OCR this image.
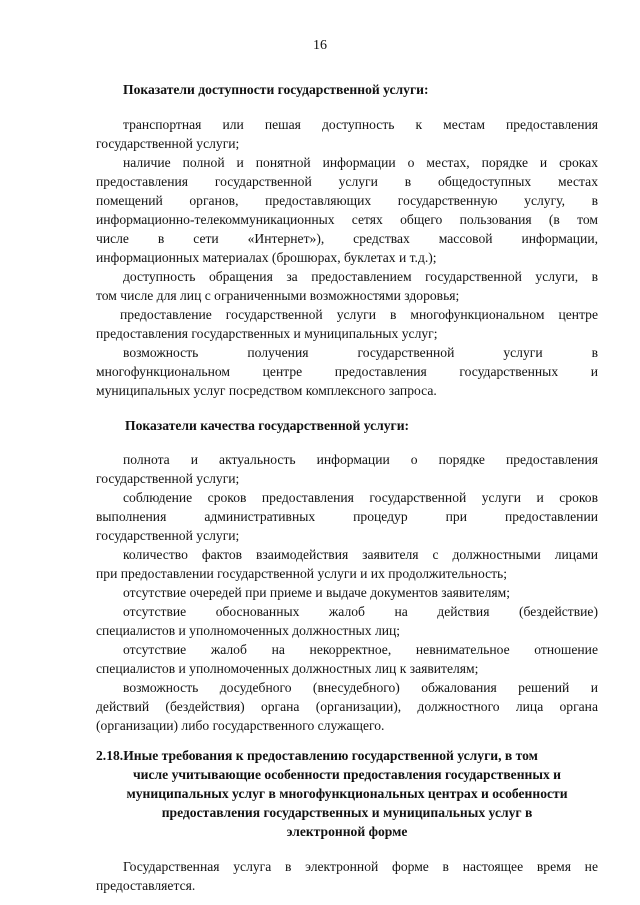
16
Показатели доступности государственной услуги:
транспортная или пешая доступность к местам предоставления
государственной услуги;
наличие полной и понятной информации о местах, порядке и сроках
предоставления государственной услуги в общедоступных местах
помещений органов, предоставляющих государственную услугу, в
информационно-телекоммуникационных сетях общего пользования (в том
числе в сети «Интернет»), средствах массовой информации,
информационных материалах (брошюрах, буклетах и т.д.);
доступность обращения за предоставлением государственной услуги, в
том числе для лиц с ограниченными возможностями здоровья;
предоставление государственной услуги в многофункциональном центре
предоставления государственных и муниципальных услуг;
возможность получения государственной услуги в
многофункциональном центре предоставления государственных и
муниципальных услуг посредством комплексного запроса.
Показатели качества государственной услуги:
полнота и актуальность информации о порядке предоставления
государственной услуги;
соблюдение сроков предоставления государственной услуги и сроков
выполнения административных процедур при предоставлении
государственной услуги;
количество фактов взаимодействия заявителя с должностными лицами
при предоставлении государственной услуги и их продолжительность;
отсутствие очередей при приеме и выдаче документов заявителям;
отсутствие обоснованных жалоб на действия (бездействие)
специалистов и уполномоченных должностных лиц;
отсутствие жалоб на некорректное, невнимательное отношение
специалистов и уполномоченных должностных лиц к заявителям;
возможность досудебного (внесудебного) обжалования решений и
действий (бездействия) органа (организации), должностного лица органа
(организации) либо государственного служащего.
2.18.Иные требования к предоставлению государственной услуги, в том
числе учитывающие особенности предоставления государственных и
муниципальных услуг в многофункциональных центрах и особенности
предоставления государственных и муниципальных услуг в
электронной форме
Государственная услуга в электронной форме в настоящее время не
предоставляется.
